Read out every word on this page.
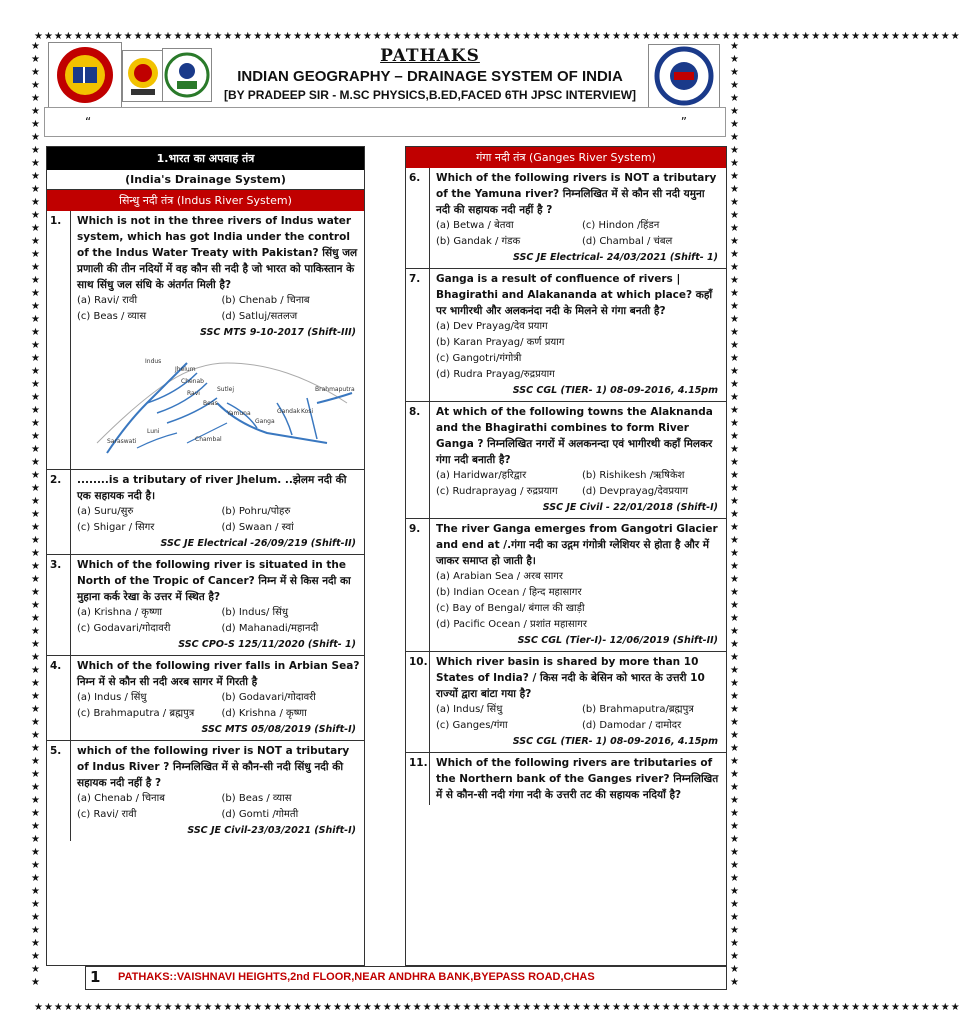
★★★★★★★★★★★★★★★★★★★★★★★★★★★★★★★★★★★★★★★★★★★★★★★★★★★★★★★★★★★★★★★★★★★★★★★★★★★★★★★★★★★★★★★★★★★★★
★★★★★★★★★★★★★★★★★★★★★★★★★★★★★★★★★★★★★★★★★★★★★★★★★★★★★★★★★★★★★★★★★★★★★★★★★★★★★★★★★★★★★★★★★★★★★
★★★★★★★★★★★★★★★★★★★★★★★★★★★★★★★★★★★★★★★★★★★★★★★★★★★★★★★★★★★★★★★★★★★★★★★★★
★★★★★★★★★★★★★★★★★★★★★★★★★★★★★★★★★★★★★★★★★★★★★★★★★★★★★★★★★★★★★★★★★★★★★★★★★
PATHAKS
INDIAN GEOGRAPHY – DRAINAGE SYSTEM OF INDIA
[BY PRADEEP SIR - M.SC PHYSICS,B.ED,FACED 6TH JPSC INTERVIEW]
“	”
1.भारत का अपवाह तंत्र
(India's Drainage System)
सिन्धु नदी तंत्र (Indus River System)
1.	Which is not in the three rivers of Indus water system, which has got India under the control of the Indus Water Treaty with Pakistan? सिंधु जल प्रणाली की तीन नदियों में वह कौन सी नदी है जो भारत को पाकिस्तान के साथ सिंधु जल संधि के अंतर्गत मिली है?
(a) Ravi/ रावी	(b) Chenab / चिनाब
(c) Beas / व्यास	(d) Satluj/सतलज
SSC MTS 9-10-2017 (Shift-III)
Indus
Jhelum
Chenab
Ravi
Beas
Sutlej
Yamuna
Ganga
Gandak Kosi
Brahmaputra
Chambal
Luni
Saraswati
2.	........is a tributary of river Jhelum. ..झेलम नदी की एक सहायक नदी है।
(a) Suru/सुरु	(b) Pohru/पोहरु
(c) Shigar / सिगर	(d) Swaan / स्वां
SSC JE Electrical -26/09/219 (Shift-II)
3.	Which of the following river is situated in the North of the Tropic of Cancer? निम्न में से किस नदी का मुहाना कर्क रेखा के उत्तर में स्थित है?
(a) Krishna / कृष्णा	(b) Indus/ सिंधु
(c) Godavari/गोदावरी	(d) Mahanadi/महानदी
SSC CPO-S 125/11/2020 (Shift- 1)
4.	Which of the following river falls in Arbian Sea? निम्न में से कौन सी नदी अरब सागर में गिरती है
(a) Indus / सिंधु	(b) Godavari/गोदावरी
(c) Brahmaputra / ब्रह्मपुत्र	(d) Krishna / कृष्णा
SSC MTS 05/08/2019 (Shift-I)
5.	which of the following river is NOT a tributary of Indus River ? निम्नलिखित में से कौन-सी नदी सिंधु नदी की सहायक नदी नहीं है ?
(a) Chenab / चिनाब	(b) Beas / व्यास
(c) Ravi/ रावी	(d) Gomti /गोमती
SSC JE Civil-23/03/2021 (Shift-I)
गंगा नदी तंत्र (Ganges River System)
6.	Which of the following rivers is NOT a tributary of the Yamuna river? निम्नलिखित में से कौन सी नदी यमुना नदी की सहायक नदी नहीं है ?
(a) Betwa / बेतवा	(c) Hindon /हिंडन
(b) Gandak / गंडक	(d) Chambal / चंबल
SSC JE Electrical- 24/03/2021 (Shift- 1)
7.	Ganga is a result of confluence of rivers | Bhagirathi and Alakananda at which place? कहाँ पर भागीरथी और अलकनंदा नदी के मिलने से गंगा बनती है?
(a) Dev Prayag/देव प्रयाग
(b) Karan Prayag/ कर्ण प्रयाग
(c) Gangotri/गंगोत्री
(d) Rudra Prayag/रुद्रप्रयाग
SSC CGL (TIER- 1) 08-09-2016, 4.15pm
8.	At which of the following towns the Alaknanda and the Bhagirathi combines to form River Ganga ? निम्नलिखित नगरों में अलकनन्दा एवं भागीरथी कहाँ मिलकर गंगा नदी बनाती है?
(a) Haridwar/हरिद्वार	(b) Rishikesh /ऋषिकेश
(c) Rudraprayag / रुद्रप्रयाग	(d) Devprayag/देवप्रयाग
SSC JE Civil - 22/01/2018 (Shift-I)
9.	The river Ganga emerges from Gangotri Glacier and end at /.गंगा नदी का उद्गम गंगोत्री ग्लेशियर से होता है और में जाकर समाप्त हो जाती है।
(a) Arabian Sea / अरब सागर
(b) Indian Ocean / हिन्द महासागर
(c) Bay of Bengal/ बंगाल की खाड़ी
(d) Pacific Ocean / प्रशांत महासागर
SSC CGL (Tier-I)- 12/06/2019 (Shift-II)
10. Which river basin is shared by more than 10 States of India? / किस नदी के बेसिन को भारत के उत्तरी 10 राज्यों द्वारा बांटा गया है?
(a) Indus/ सिंधु	(b) Brahmaputra/ब्रह्मपुत्र
(c) Ganges/गंगा	(d) Damodar / दामोदर
SSC CGL (TIER- 1) 08-09-2016, 4.15pm
11. Which of the following rivers are tributaries of the Northern bank of the Ganges river? निम्नलिखित में से कौन-सी नदी गंगा नदी के उत्तरी तट की सहायक नदियाँ है?
1 PATHAKS::VAISHNAVI HEIGHTS,2nd FLOOR,NEAR ANDHRA BANK,BYEPASS ROAD,CHAS
